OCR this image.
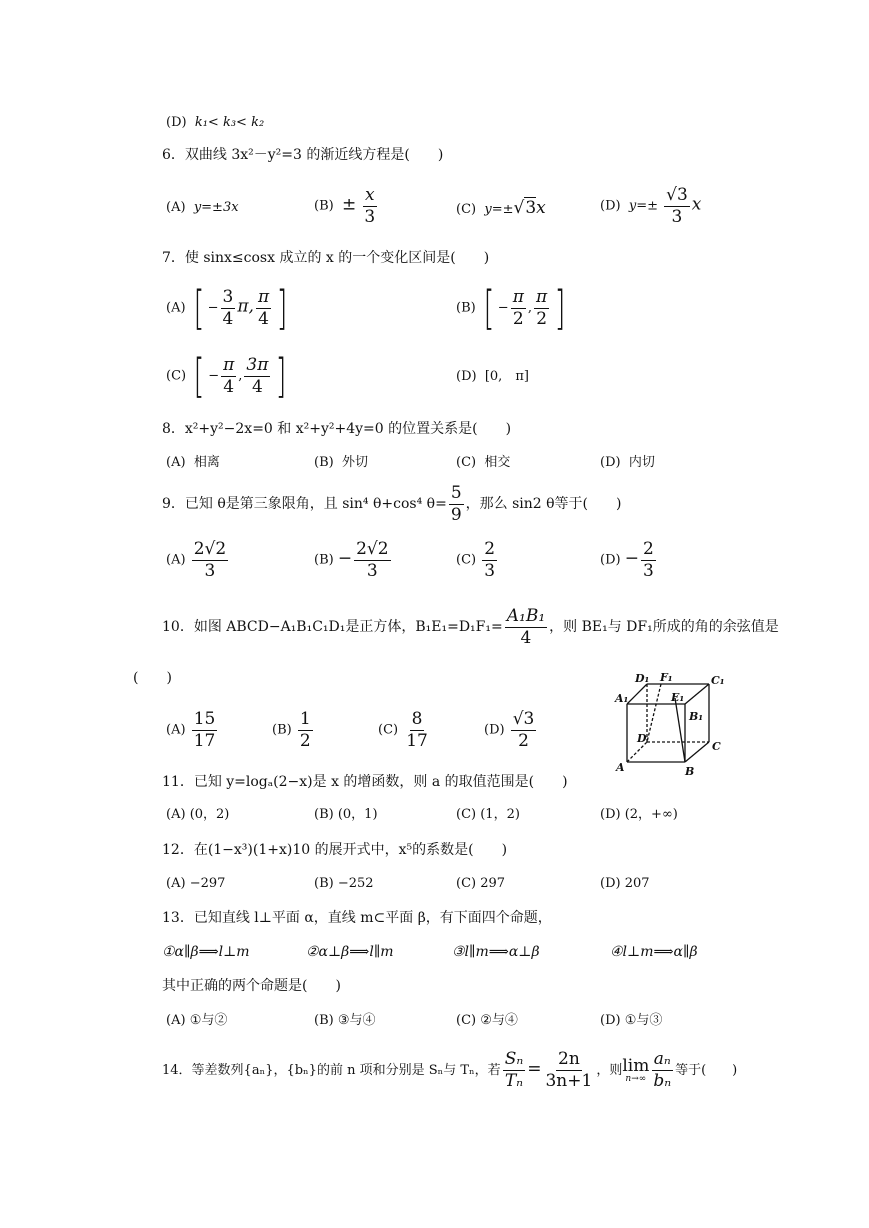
(D) k₁< k₃< k₂
6．双曲线 3x²－y²=3 的渐近线方程是(　　)
(A) y=±3x	$(B) \pm \frac{x}{3}$	(C) y=±√3x	(D) $y=\pm \frac{√3}{3}$ x
7．使 sinx≤cosx 成立的 x 的一个变化区间是(　　)
(A) [ − $\frac{3}{4} \pi$, $\frac{\pi}{4}$ ]	(B) [ − $\frac{\pi}{2}$ , $\frac{\pi}{2}$ ]
(C) [ − $\frac{\pi}{4}$ , $\frac{3\pi}{4}$ ]	(D) [0,　π]
8．x²+y²−2x=0 和 x²+y²+4y=0 的位置关系是(　　)
(A) 相离	(B) 外切	(C) 相交	(D) 内切
9．已知 θ是第三象限角，且 sin⁴ θ+cos⁴ $\theta= \frac{5}{9}$ ，那么 sin2 θ等于(　　)
$(A) \frac{2√2}{3}$	$(B) - \frac{2√2}{3}$	$(C) \frac{2}{3}$	$(D) - \frac{2}{3}$
10．如图 ABCD−A₁B₁C₁D₁是正方体，$B_1E_1=D_1F_1= \frac{\text{A₁B₁}}{4}$ ，则 BE₁与 DF₁所成的角的余弦值是
(　　)
$(A) \frac{15}{17}$	$(B) \frac{1}{2}$	$(C) \frac{8}{17}$	$(D) \frac{√3}{2}$
D₁ F₁	C₁
A₁	E₁
B₁
D
C
A	B
11．已知 y=logₐ(2−x)是 x 的增函数，则 a 的取值范围是(　　)
(A) (0，2)	(B) (0，1)	(C) (1，2)	(D) (2，+∞)
12．在(1−x³)(1+x)10 的展开式中，x⁵的系数是(　　)
(A) −297	(B) −252	(C) 297	(D) 207
13．已知直线 l⊥平面 α，直线 m⊂平面 β，有下面四个命题，
①α∥β⟹l⊥m	②α⊥β⟹l∥m	③l∥m⟹α⊥β	④l⊥m⟹α∥β
其中正确的两个命题是(　　)
(A) ①与②	(B) ③与④	(C) ②与④	(D) ①与③
14．等差数列{aₙ}，{bₙ}的前 n 项和分别是 Sₙ与 Tₙ，若 $\frac{\text{Sₙ}}{\text{Tₙ}} = \frac{2n}{3n+1}$ ，则 lim
$n\to\infty \frac{\text{aₙ}}{\text{bₙ}}$ 等于(　　)
